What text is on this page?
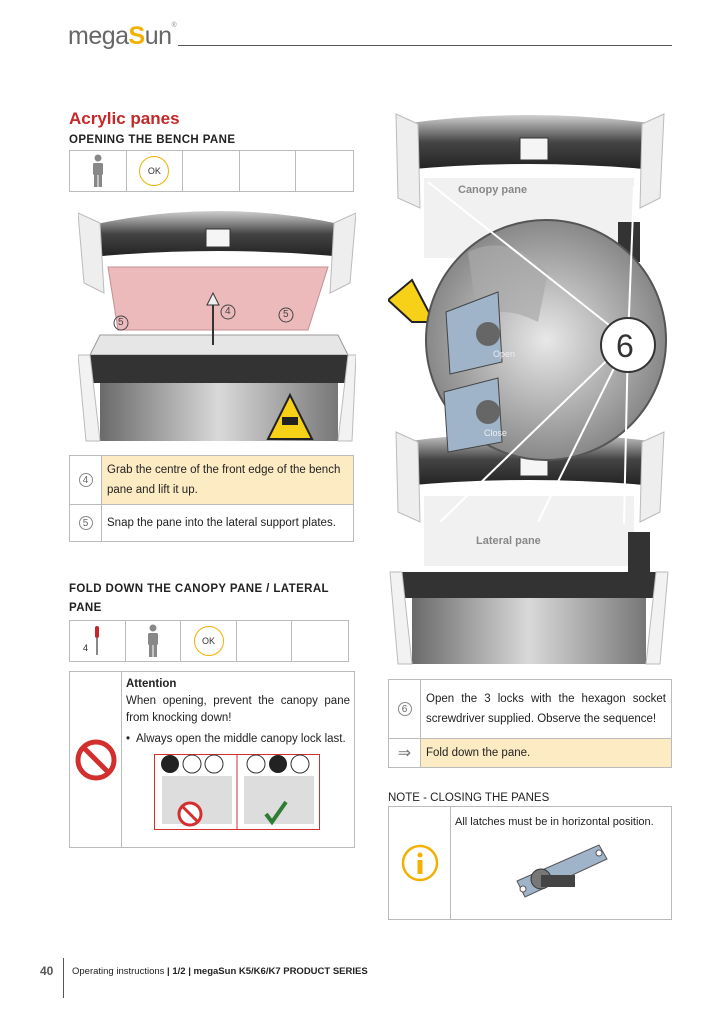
megaSun®
Acrylic panes
OPENING THE BENCH PANE
OK
4
5
5
4
Grab the centre of the front edge of the bench pane and lift it up.
5	Snap the pane into the lateral support plates.
FOLD DOWN THE CANOPY PANE / LATERAL
PANE
4
OK
Attention
When opening, prevent the canopy pane from knocking down!
• Always open the middle canopy lock last.
Canopy pane
Lateral pane
Open
Close
6
6
Open the 3 locks with the hexagon socket screwdriver supplied. Observe the sequence!
⇒	Fold down the pane.
NOTE - CLOSING THE PANES
All latches must be in horizontal position.
40 Operating instructions | 1/2 | megaSun K5/K6/K7 PRODUCT SERIES
